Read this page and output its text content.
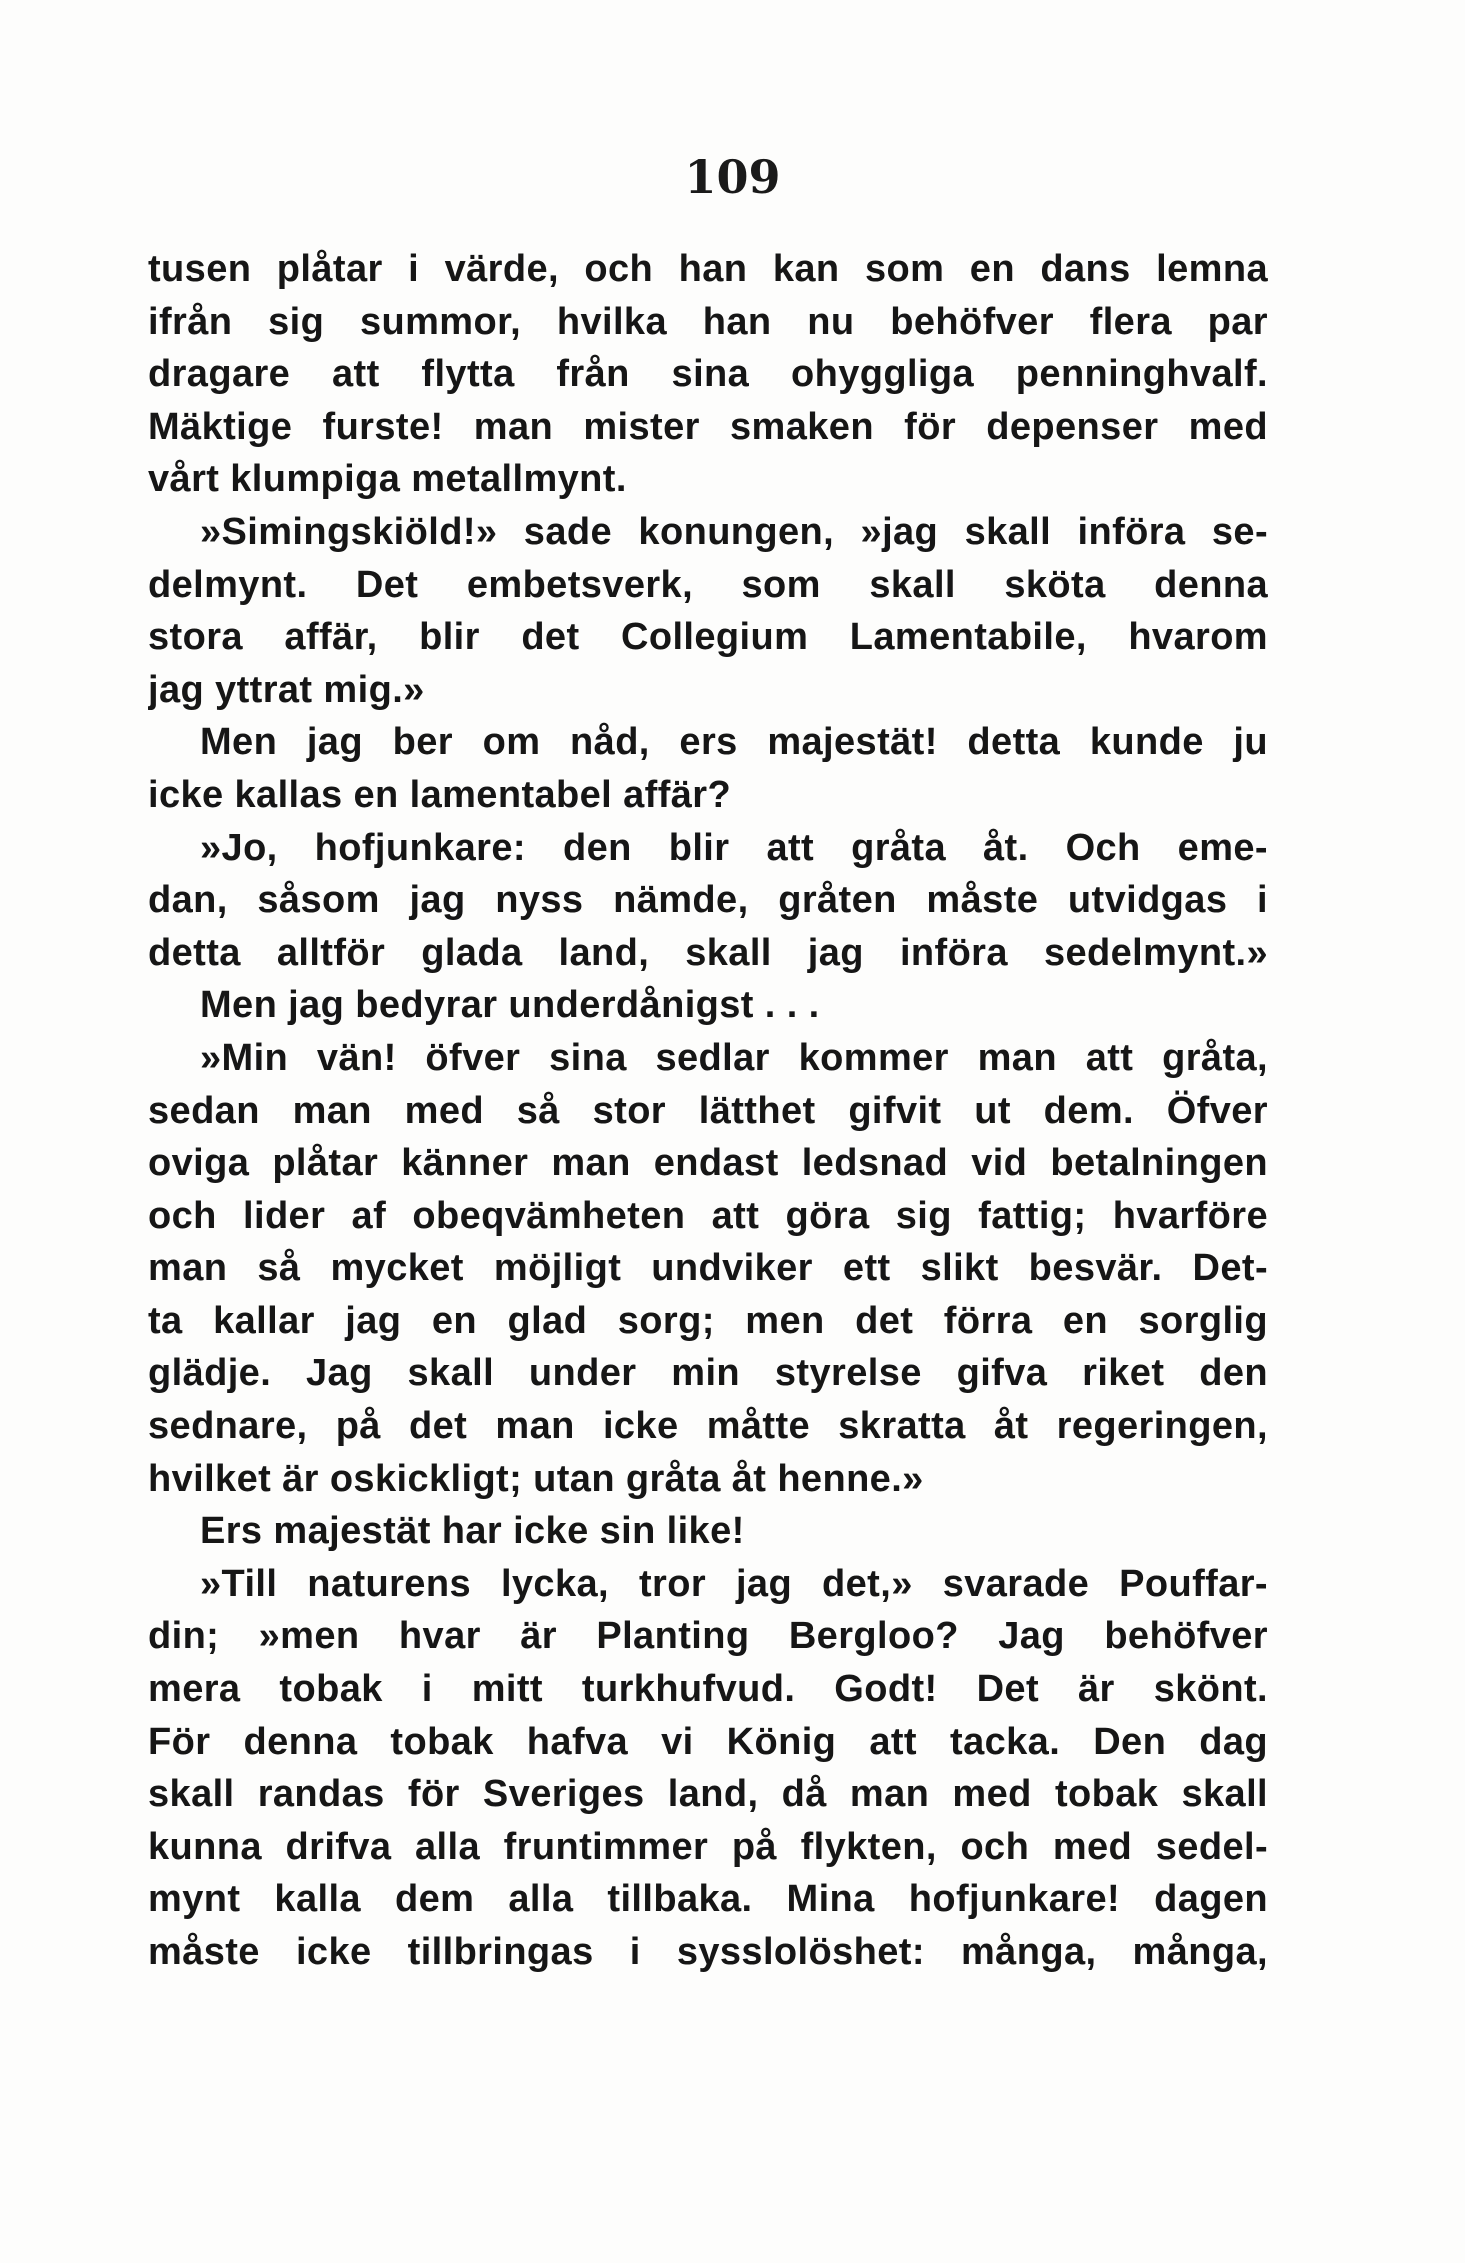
109
tusen plåtar i värde, och han kan som en dans lemna
ifrån sig summor, hvilka han nu behöfver flera par
dragare att flytta från sina ohyggliga penninghvalf.
Mäktige furste! man mister smaken för depenser med
vårt klumpiga metallmynt.
»Simingskiöld!» sade konungen, »jag skall införa se-
delmynt. Det embetsverk, som skall sköta denna
stora affär, blir det Collegium Lamentabile, hvarom
jag yttrat mig.»
Men jag ber om nåd, ers majestät! detta kunde ju
icke kallas en lamentabel affär?
»Jo, hofjunkare: den blir att gråta åt. Och eme-
dan, såsom jag nyss nämde, gråten måste utvidgas i
detta alltför glada land, skall jag införa sedelmynt.»
Men jag bedyrar underdånigst . . .
»Min vän! öfver sina sedlar kommer man att gråta,
sedan man med så stor lätthet gifvit ut dem. Öfver
oviga plåtar känner man endast ledsnad vid betalningen
och lider af obeqvämheten att göra sig fattig; hvarföre
man så mycket möjligt undviker ett slikt besvär. Det-
ta kallar jag en glad sorg; men det förra en sorglig
glädje. Jag skall under min styrelse gifva riket den
sednare, på det man icke måtte skratta åt regeringen,
hvilket är oskickligt; utan gråta åt henne.»
Ers majestät har icke sin like!
»Till naturens lycka, tror jag det,» svarade Pouffar-
din; »men hvar är Planting Bergloo? Jag behöfver
mera tobak i mitt turkhufvud. Godt! Det är skönt.
För denna tobak hafva vi König att tacka. Den dag
skall randas för Sveriges land, då man med tobak skall
kunna drifva alla fruntimmer på flykten, och med sedel-
mynt kalla dem alla tillbaka. Mina hofjunkare! dagen
måste icke tillbringas i sysslolöshet: många, många,
